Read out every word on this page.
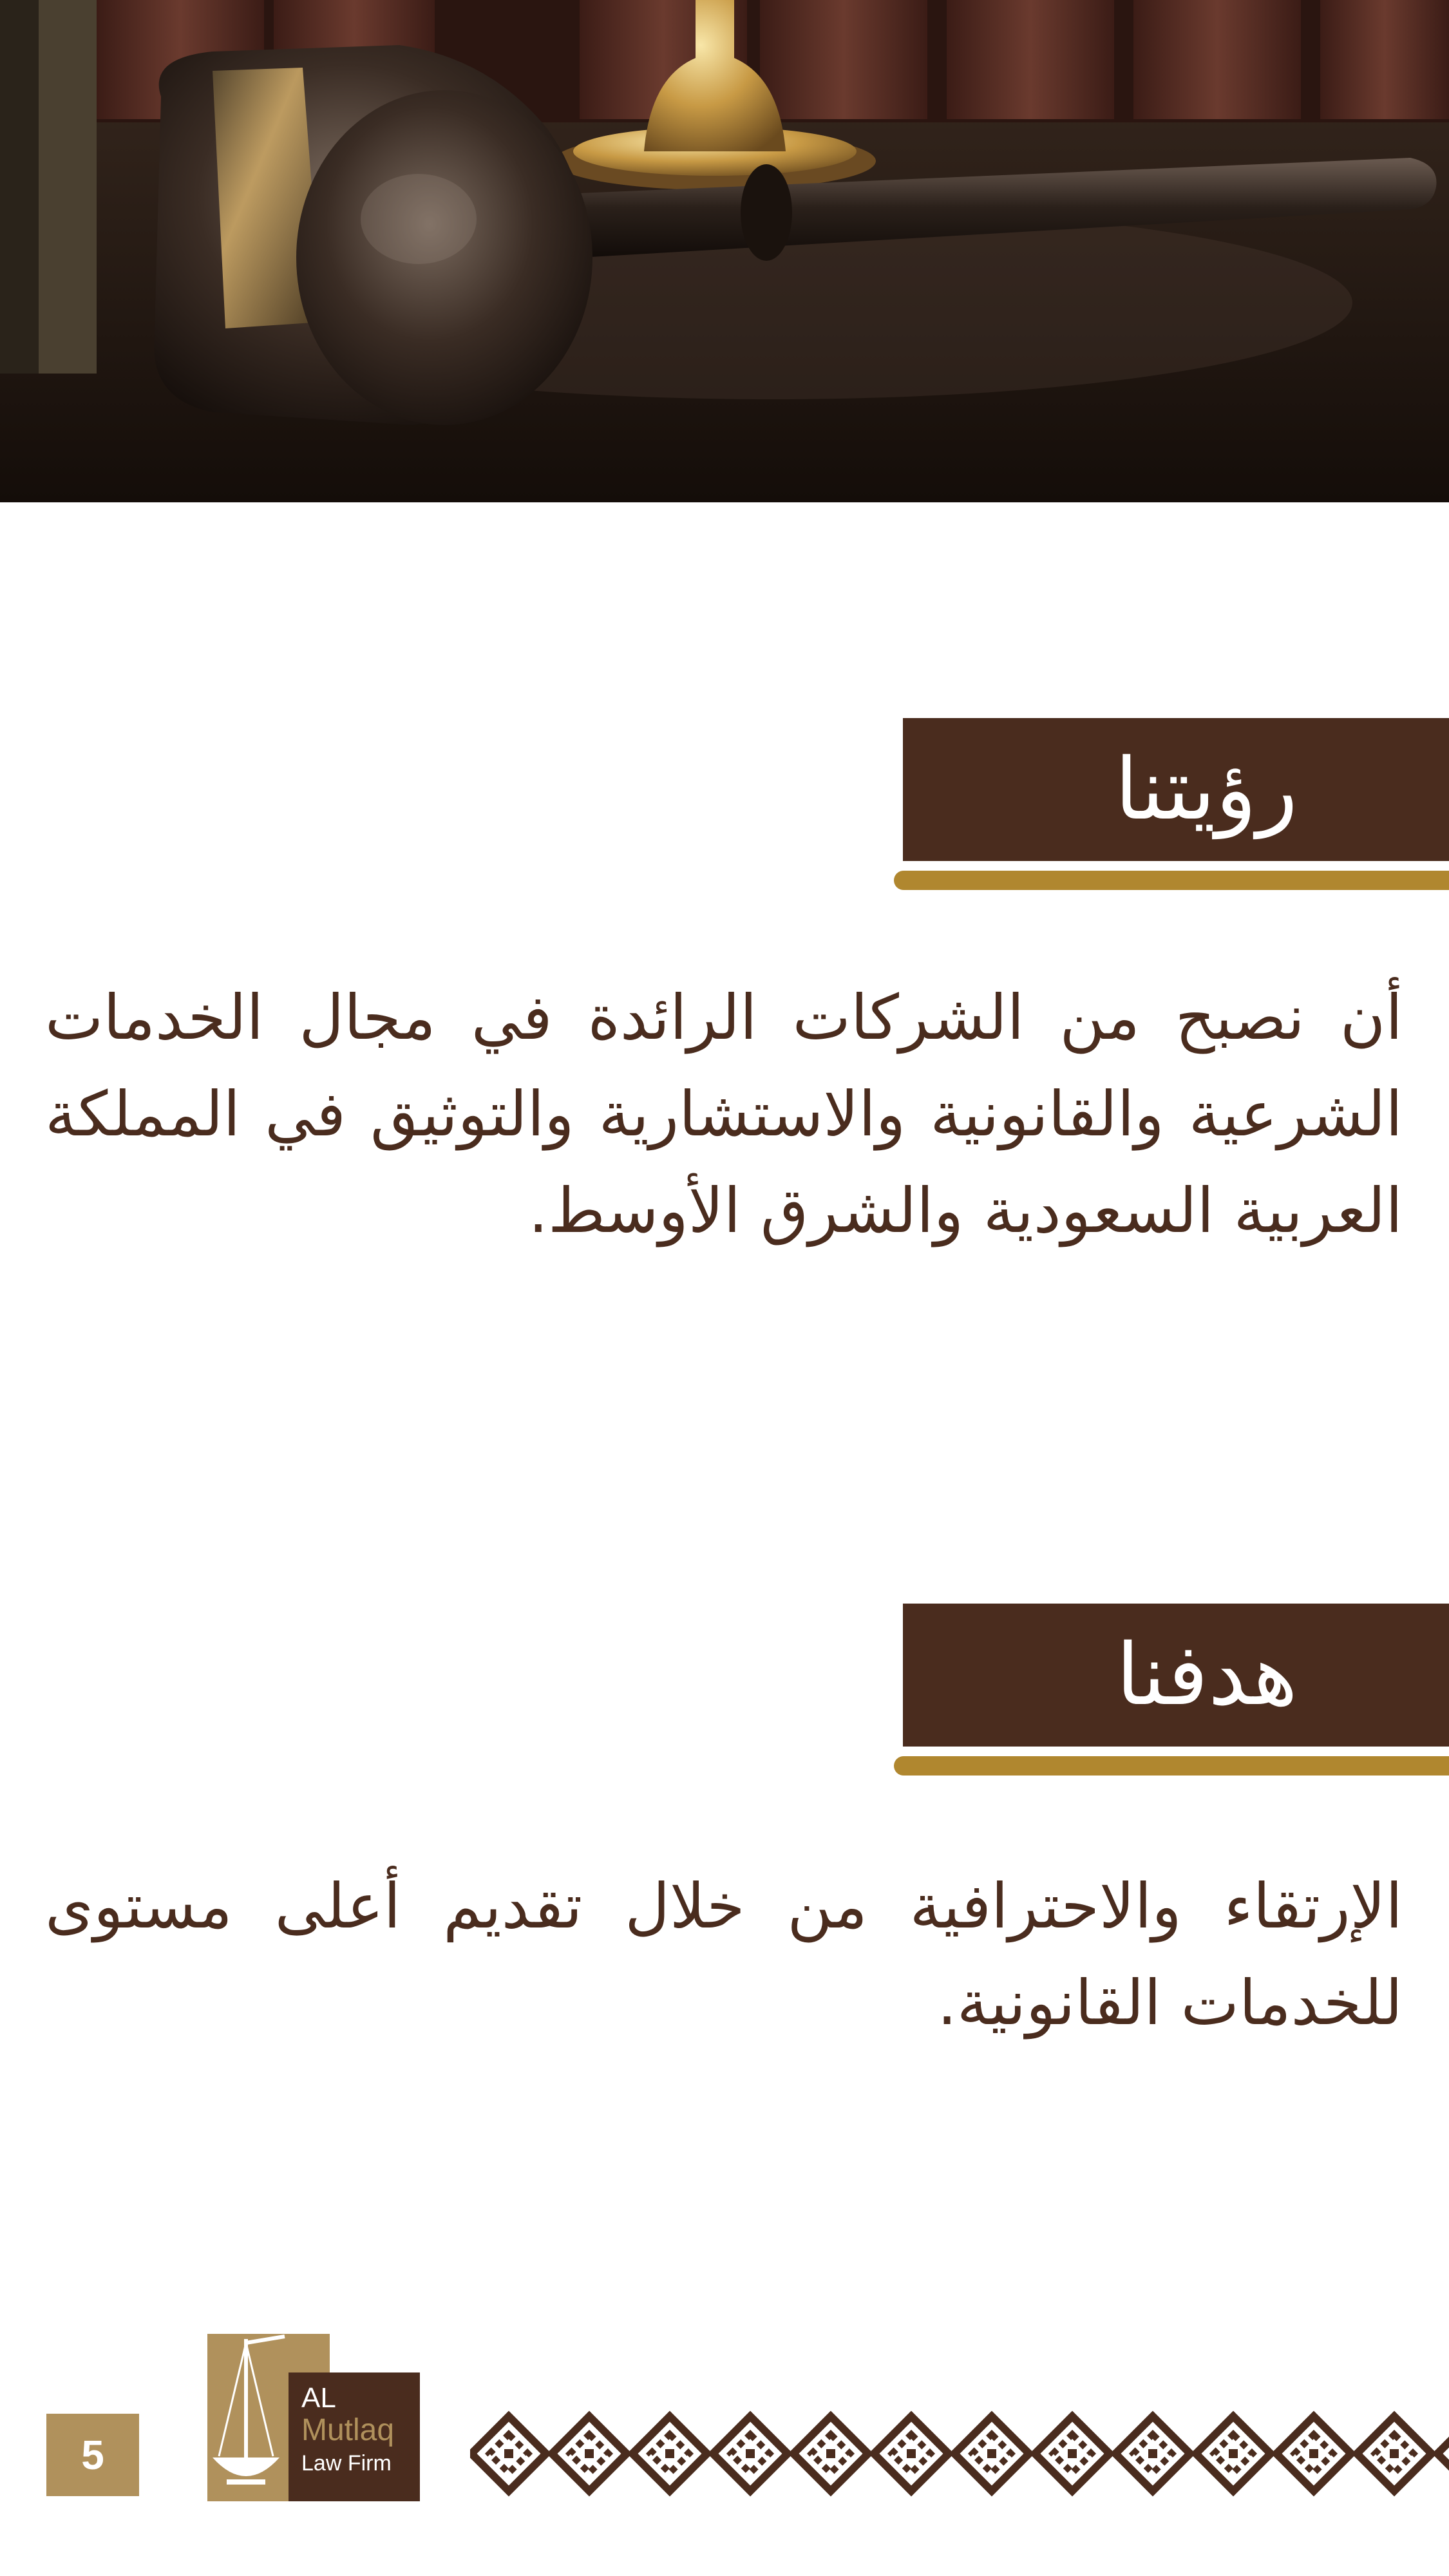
رؤيتنا

أن نصبح من الشركات الرائدة في مجال الخدمات الشرعية والقانونية والاستشارية والتوثيق في المملكة العربية السعودية والشرق الأوسط.

هدفنا

الإرتقاء والاحترافية من خلال تقديم أعلى مستوى للخدمات القانونية.

5
AL
Mutlaq
Law Firm
